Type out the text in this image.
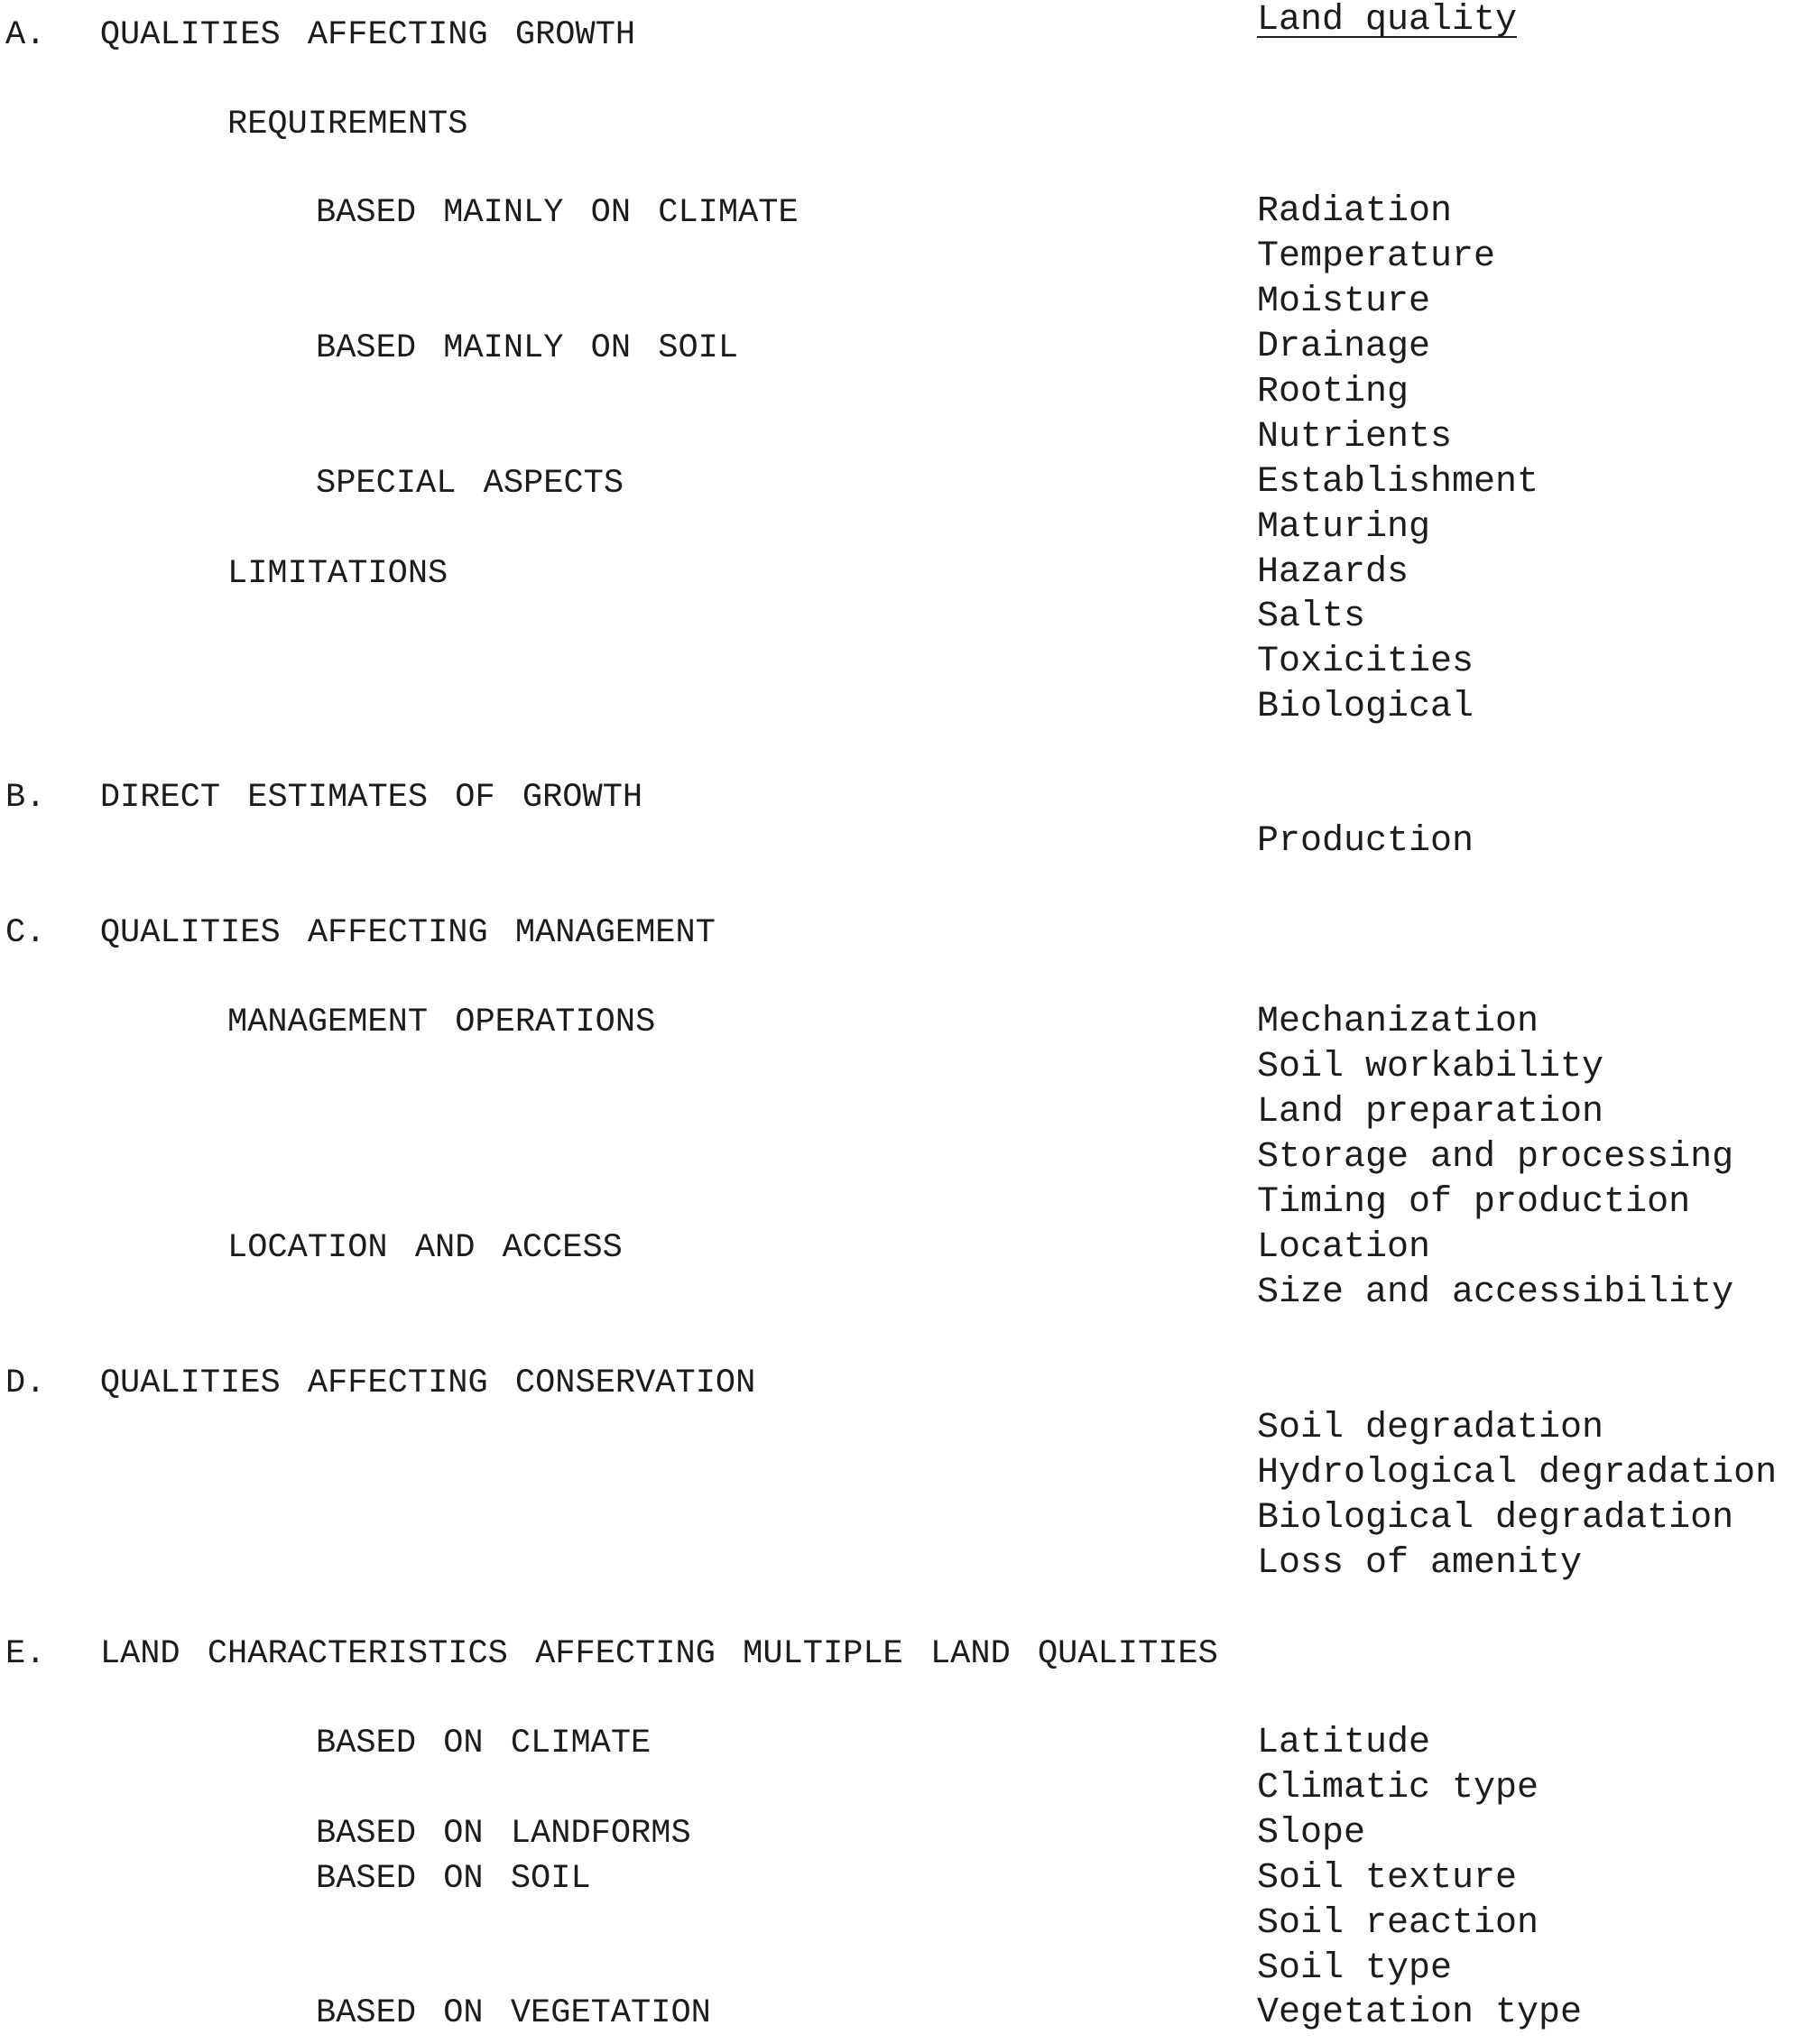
Land quality
A.  QUALITIES AFFECTING GROWTH
REQUIREMENTS
BASED MAINLY ON CLIMATE
BASED MAINLY ON SOIL
SPECIAL ASPECTS
LIMITATIONS
B.  DIRECT ESTIMATES OF GROWTH
C.  QUALITIES AFFECTING MANAGEMENT
MANAGEMENT OPERATIONS
LOCATION AND ACCESS
D.  QUALITIES AFFECTING CONSERVATION
E.  LAND CHARACTERISTICS AFFECTING MULTIPLE LAND QUALITIES
BASED ON CLIMATE
BASED ON LANDFORMS
BASED ON SOIL
BASED ON VEGETATION
Radiation
Temperature
Moisture
Drainage
Rooting
Nutrients
Establishment
Maturing
Hazards
Salts
Toxicities
Biological
Production
Mechanization
Soil workability
Land preparation
Storage and processing
Timing of production
Location
Size and accessibility
Soil degradation
Hydrological degradation
Biological degradation
Loss of amenity
Latitude
Climatic type
Slope
Soil texture
Soil reaction
Soil type
Vegetation type
